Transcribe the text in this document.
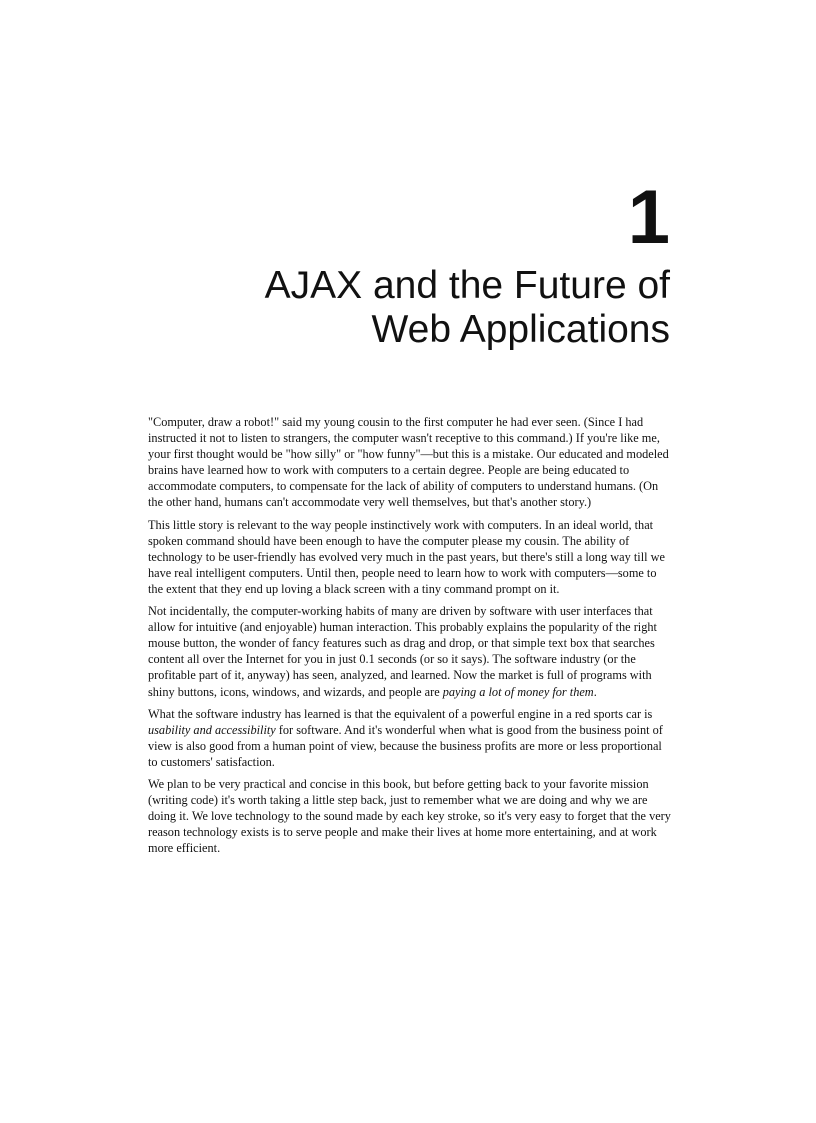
1
AJAX and the Future of
Web Applications

"Computer, draw a robot!" said my young cousin to the first computer he had ever seen. (Since I had instructed it not to listen to strangers, the computer wasn't receptive to this command.) If you're like me, your first thought would be "how silly" or "how funny"—but this is a mistake. Our educated and modeled brains have learned how to work with computers to a certain degree. People are being educated to accommodate computers, to compensate for the lack of ability of computers to understand humans. (On the other hand, humans can't accommodate very well themselves, but that's another story.)

This little story is relevant to the way people instinctively work with computers. In an ideal world, that spoken command should have been enough to have the computer please my cousin. The ability of technology to be user-friendly has evolved very much in the past years, but there's still a long way till we have real intelligent computers. Until then, people need to learn how to work with computers—some to the extent that they end up loving a black screen with a tiny command prompt on it.

Not incidentally, the computer-working habits of many are driven by software with user interfaces that allow for intuitive (and enjoyable) human interaction. This probably explains the popularity of the right mouse button, the wonder of fancy features such as drag and drop, or that simple text box that searches content all over the Internet for you in just 0.1 seconds (or so it says). The software industry (or the profitable part of it, anyway) has seen, analyzed, and learned. Now the market is full of programs with shiny buttons, icons, windows, and wizards, and people are paying a lot of money for them.

What the software industry has learned is that the equivalent of a powerful engine in a red sports car is usability and accessibility for software. And it's wonderful when what is good from the business point of view is also good from a human point of view, because the business profits are more or less proportional to customers' satisfaction.

We plan to be very practical and concise in this book, but before getting back to your favorite mission (writing code) it's worth taking a little step back, just to remember what we are doing and why we are doing it. We love technology to the sound made by each key stroke, so it's very easy to forget that the very reason technology exists is to serve people and make their lives at home more entertaining, and at work more efficient.
